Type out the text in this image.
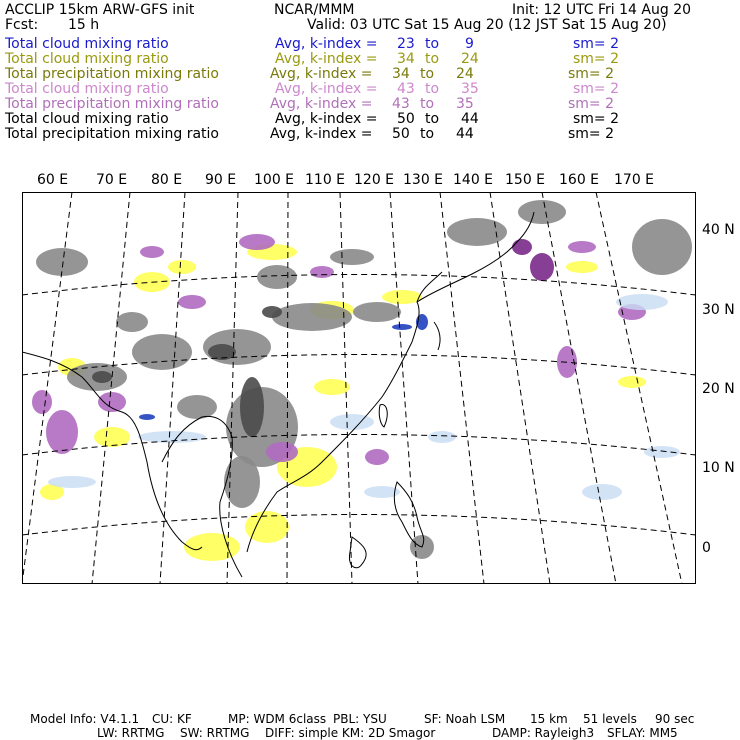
ACCLIP 15km ARW-GFS init	NCAR/MMM	Init: 12 UTC Fri 14 Aug 20
Fcst: 15 h	Valid: 03 UTC Sat 15 Aug 20 (12 JST Sat 15 Aug 20)
Total cloud mixing ratio	Avg, k-index = 23 to 9	sm= 2
Total cloud mixing ratio	Avg, k-index = 34 to 24	sm= 2
Total precipitation mixing ratio	Avg, k-index = 34 to 24	sm= 2
Total cloud mixing ratio	Avg, k-index = 43 to 35	sm= 2
Total precipitation mixing ratio	Avg, k-index = 43 to 35	sm= 2
Total cloud mixing ratio	Avg, k-index = 50 to 44	sm= 2
Total precipitation mixing ratio	Avg, k-index = 50 to 44	sm= 2
60 E 70 E 80 E 90 E 100 E 110 E 120 E 130 E 140 E 150 E 160 E 170 E
40 N
30 N
20 N
10 N
0
Model Info: V4.1.1 CU: KF	MP: WDM 6class PBL: YSU	SF: Noah LSM 15 km 51 levels 90 sec
LW: RRTMG SW: RRTMG DIFF: simple KM: 2D Smagor	DAMP: Rayleigh3 SFLAY: MM5
